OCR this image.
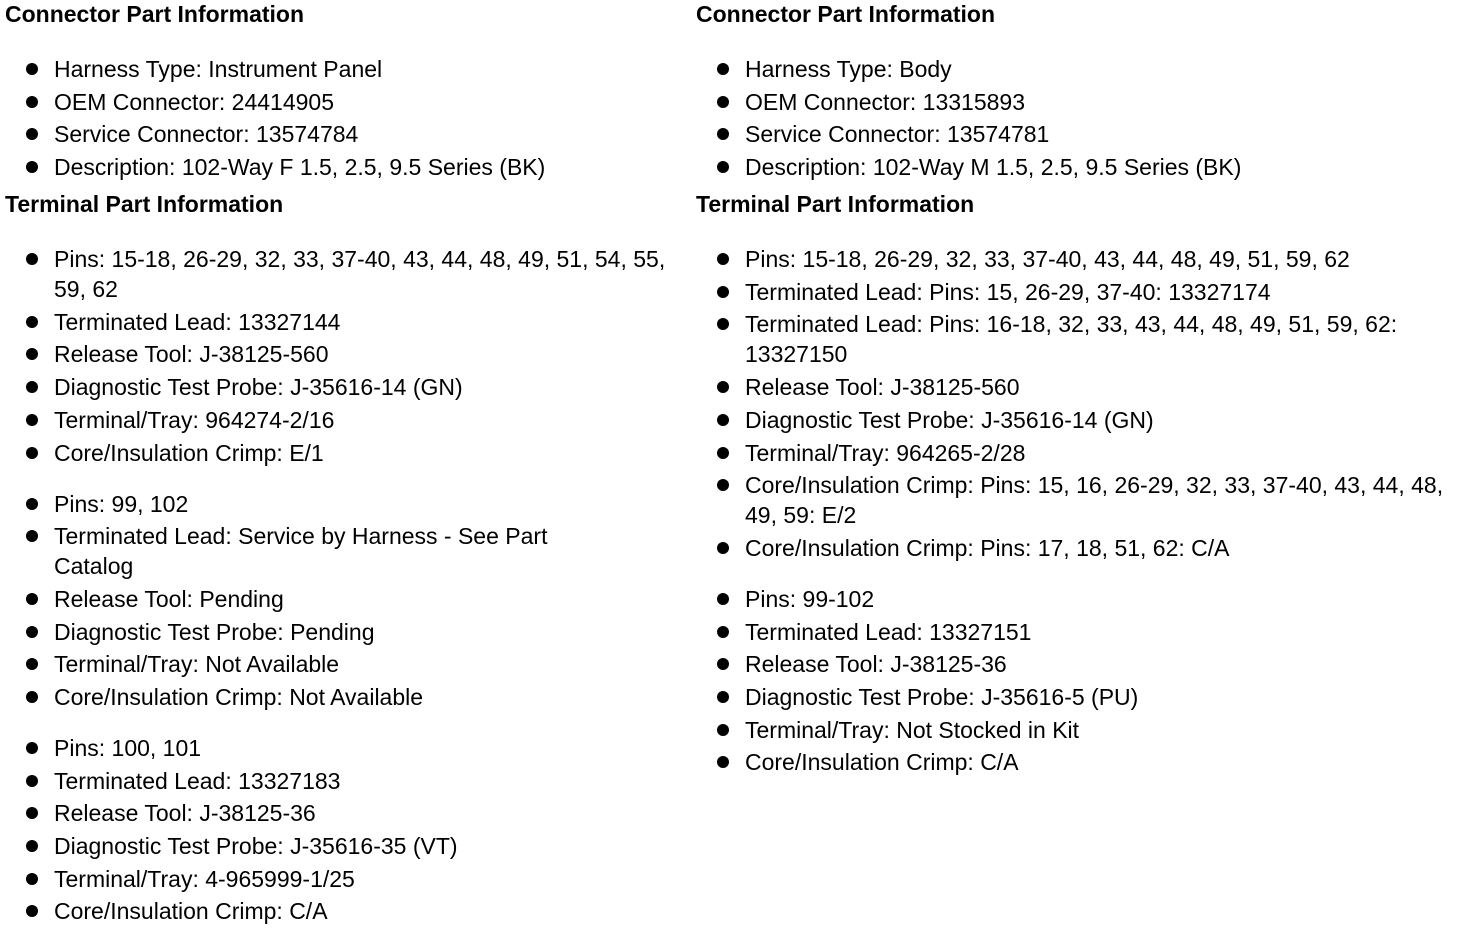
Connector Part Information
Harness Type: Instrument Panel
OEM Connector: 24414905
Service Connector: 13574784
Description: 102-Way F 1.5, 2.5, 9.5 Series (BK)
Terminal Part Information
Pins: 15-18, 26-29, 32, 33, 37-40, 43, 44, 48, 49, 51, 54, 55, 59, 62
Terminated Lead: 13327144
Release Tool: J-38125-560
Diagnostic Test Probe: J-35616-14 (GN)
Terminal/Tray: 964274-2/16
Core/Insulation Crimp: E/1
Pins: 99, 102
Terminated Lead: Service by Harness - See Part Catalog
Release Tool: Pending
Diagnostic Test Probe: Pending
Terminal/Tray: Not Available
Core/Insulation Crimp: Not Available
Pins: 100, 101
Terminated Lead: 13327183
Release Tool: J-38125-36
Diagnostic Test Probe: J-35616-35 (VT)
Terminal/Tray: 4-965999-1/25
Core/Insulation Crimp: C/A
Connector Part Information
Harness Type: Body
OEM Connector: 13315893
Service Connector: 13574781
Description: 102-Way M 1.5, 2.5, 9.5 Series (BK)
Terminal Part Information
Pins: 15-18, 26-29, 32, 33, 37-40, 43, 44, 48, 49, 51, 59, 62
Terminated Lead: Pins: 15, 26-29, 37-40: 13327174
Terminated Lead: Pins: 16-18, 32, 33, 43, 44, 48, 49, 51, 59, 62: 13327150
Release Tool: J-38125-560
Diagnostic Test Probe: J-35616-14 (GN)
Terminal/Tray: 964265-2/28
Core/Insulation Crimp: Pins: 15, 16, 26-29, 32, 33, 37-40, 43, 44, 48, 49, 59: E/2
Core/Insulation Crimp: Pins: 17, 18, 51, 62: C/A
Pins: 99-102
Terminated Lead: 13327151
Release Tool: J-38125-36
Diagnostic Test Probe: J-35616-5 (PU)
Terminal/Tray: Not Stocked in Kit
Core/Insulation Crimp: C/A
